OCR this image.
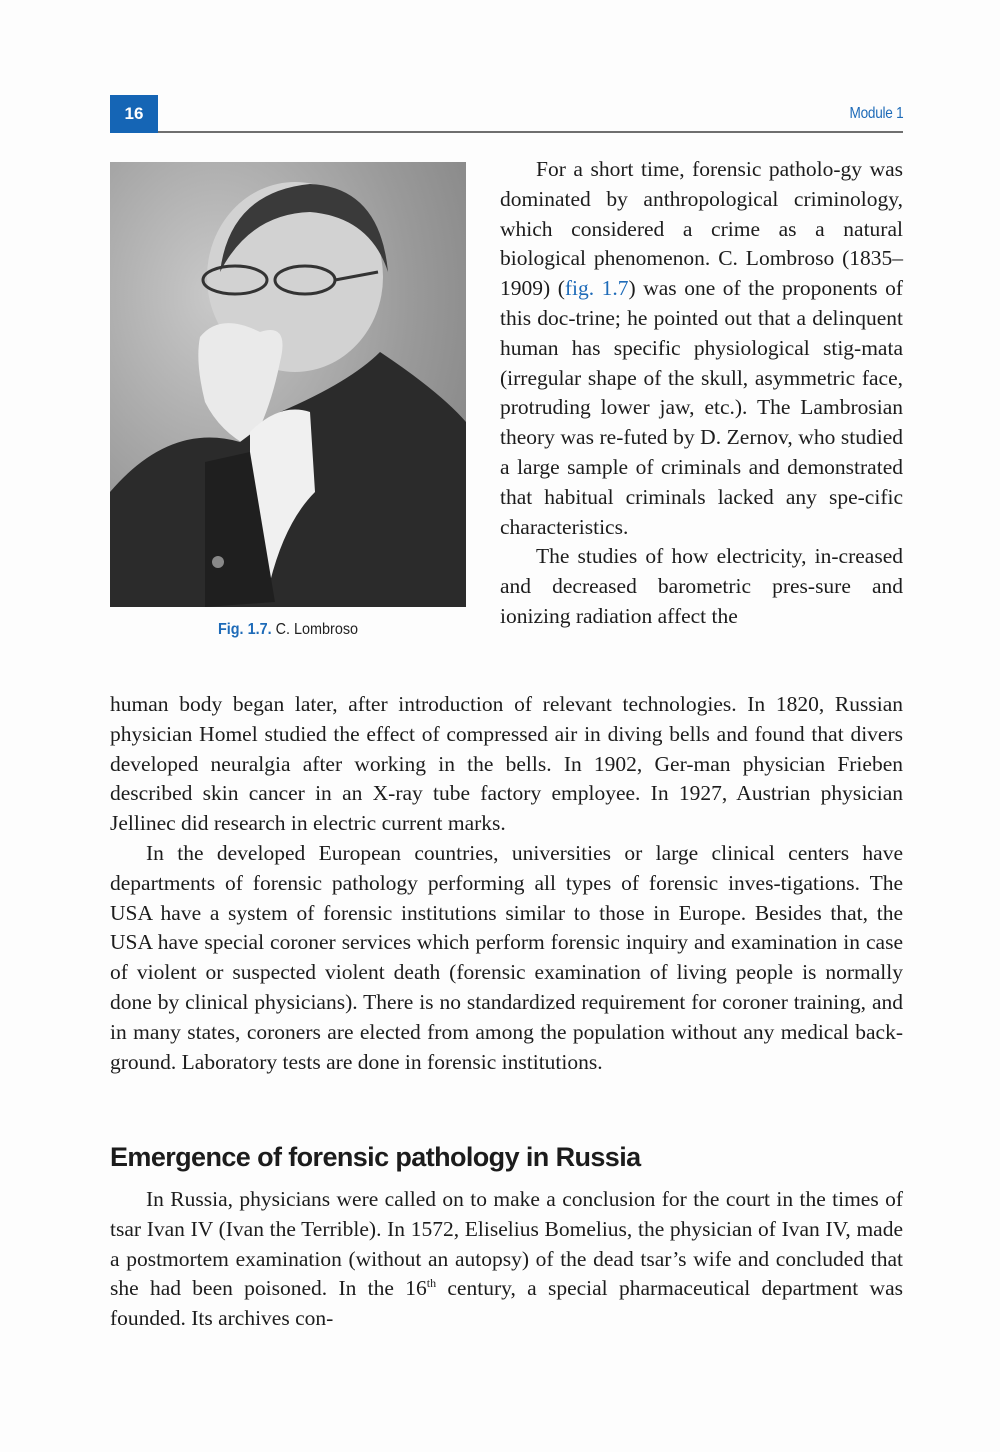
16	Module 1
Fig. 1.7. C. Lombroso

For a short time, forensic patholo-gy was dominated by anthropological criminology, which considered a crime as a natural biological phenomenon. C. Lombroso (1835–1909) (fig. 1.7) was one of the proponents of this doc-trine; he pointed out that a delinquent human has specific physiological stig-mata (irregular shape of the skull, asymmetric face, protruding lower jaw, etc.). The Lambrosian theory was re-futed by D. Zernov, who studied a large sample of criminals and demonstrated that habitual criminals lacked any spe-cific characteristics.

The studies of how electricity, in-creased and decreased barometric pres-sure and ionizing radiation affect the

human body began later, after introduction of relevant technologies. In 1820, Russian physician Homel studied the effect of compressed air in diving bells and found that divers developed neuralgia after working in the bells. In 1902, Ger-man physician Frieben described skin cancer in an X-ray tube factory employee. In 1927, Austrian physician Jellinec did research in electric current marks.

In the developed European countries, universities or large clinical centers have departments of forensic pathology performing all types of forensic inves-tigations. The USA have a system of forensic institutions similar to those in Europe. Besides that, the USA have special coroner services which perform forensic inquiry and examination in case of violent or suspected violent death (forensic examination of living people is normally done by clinical physicians). There is no standardized requirement for coroner training, and in many states, coroners are elected from among the population without any medical back-ground. Laboratory tests are done in forensic institutions.

Emergence of forensic pathology in Russia

In Russia, physicians were called on to make a conclusion for the court in the times of tsar Ivan IV (Ivan the Terrible). In 1572, Eliselius Bomelius, the physician of Ivan IV, made a postmortem examination (without an autopsy) of the dead tsar’s wife and concluded that she had been poisoned. In the 16th century, a special pharmaceutical department was founded. Its archives con-
